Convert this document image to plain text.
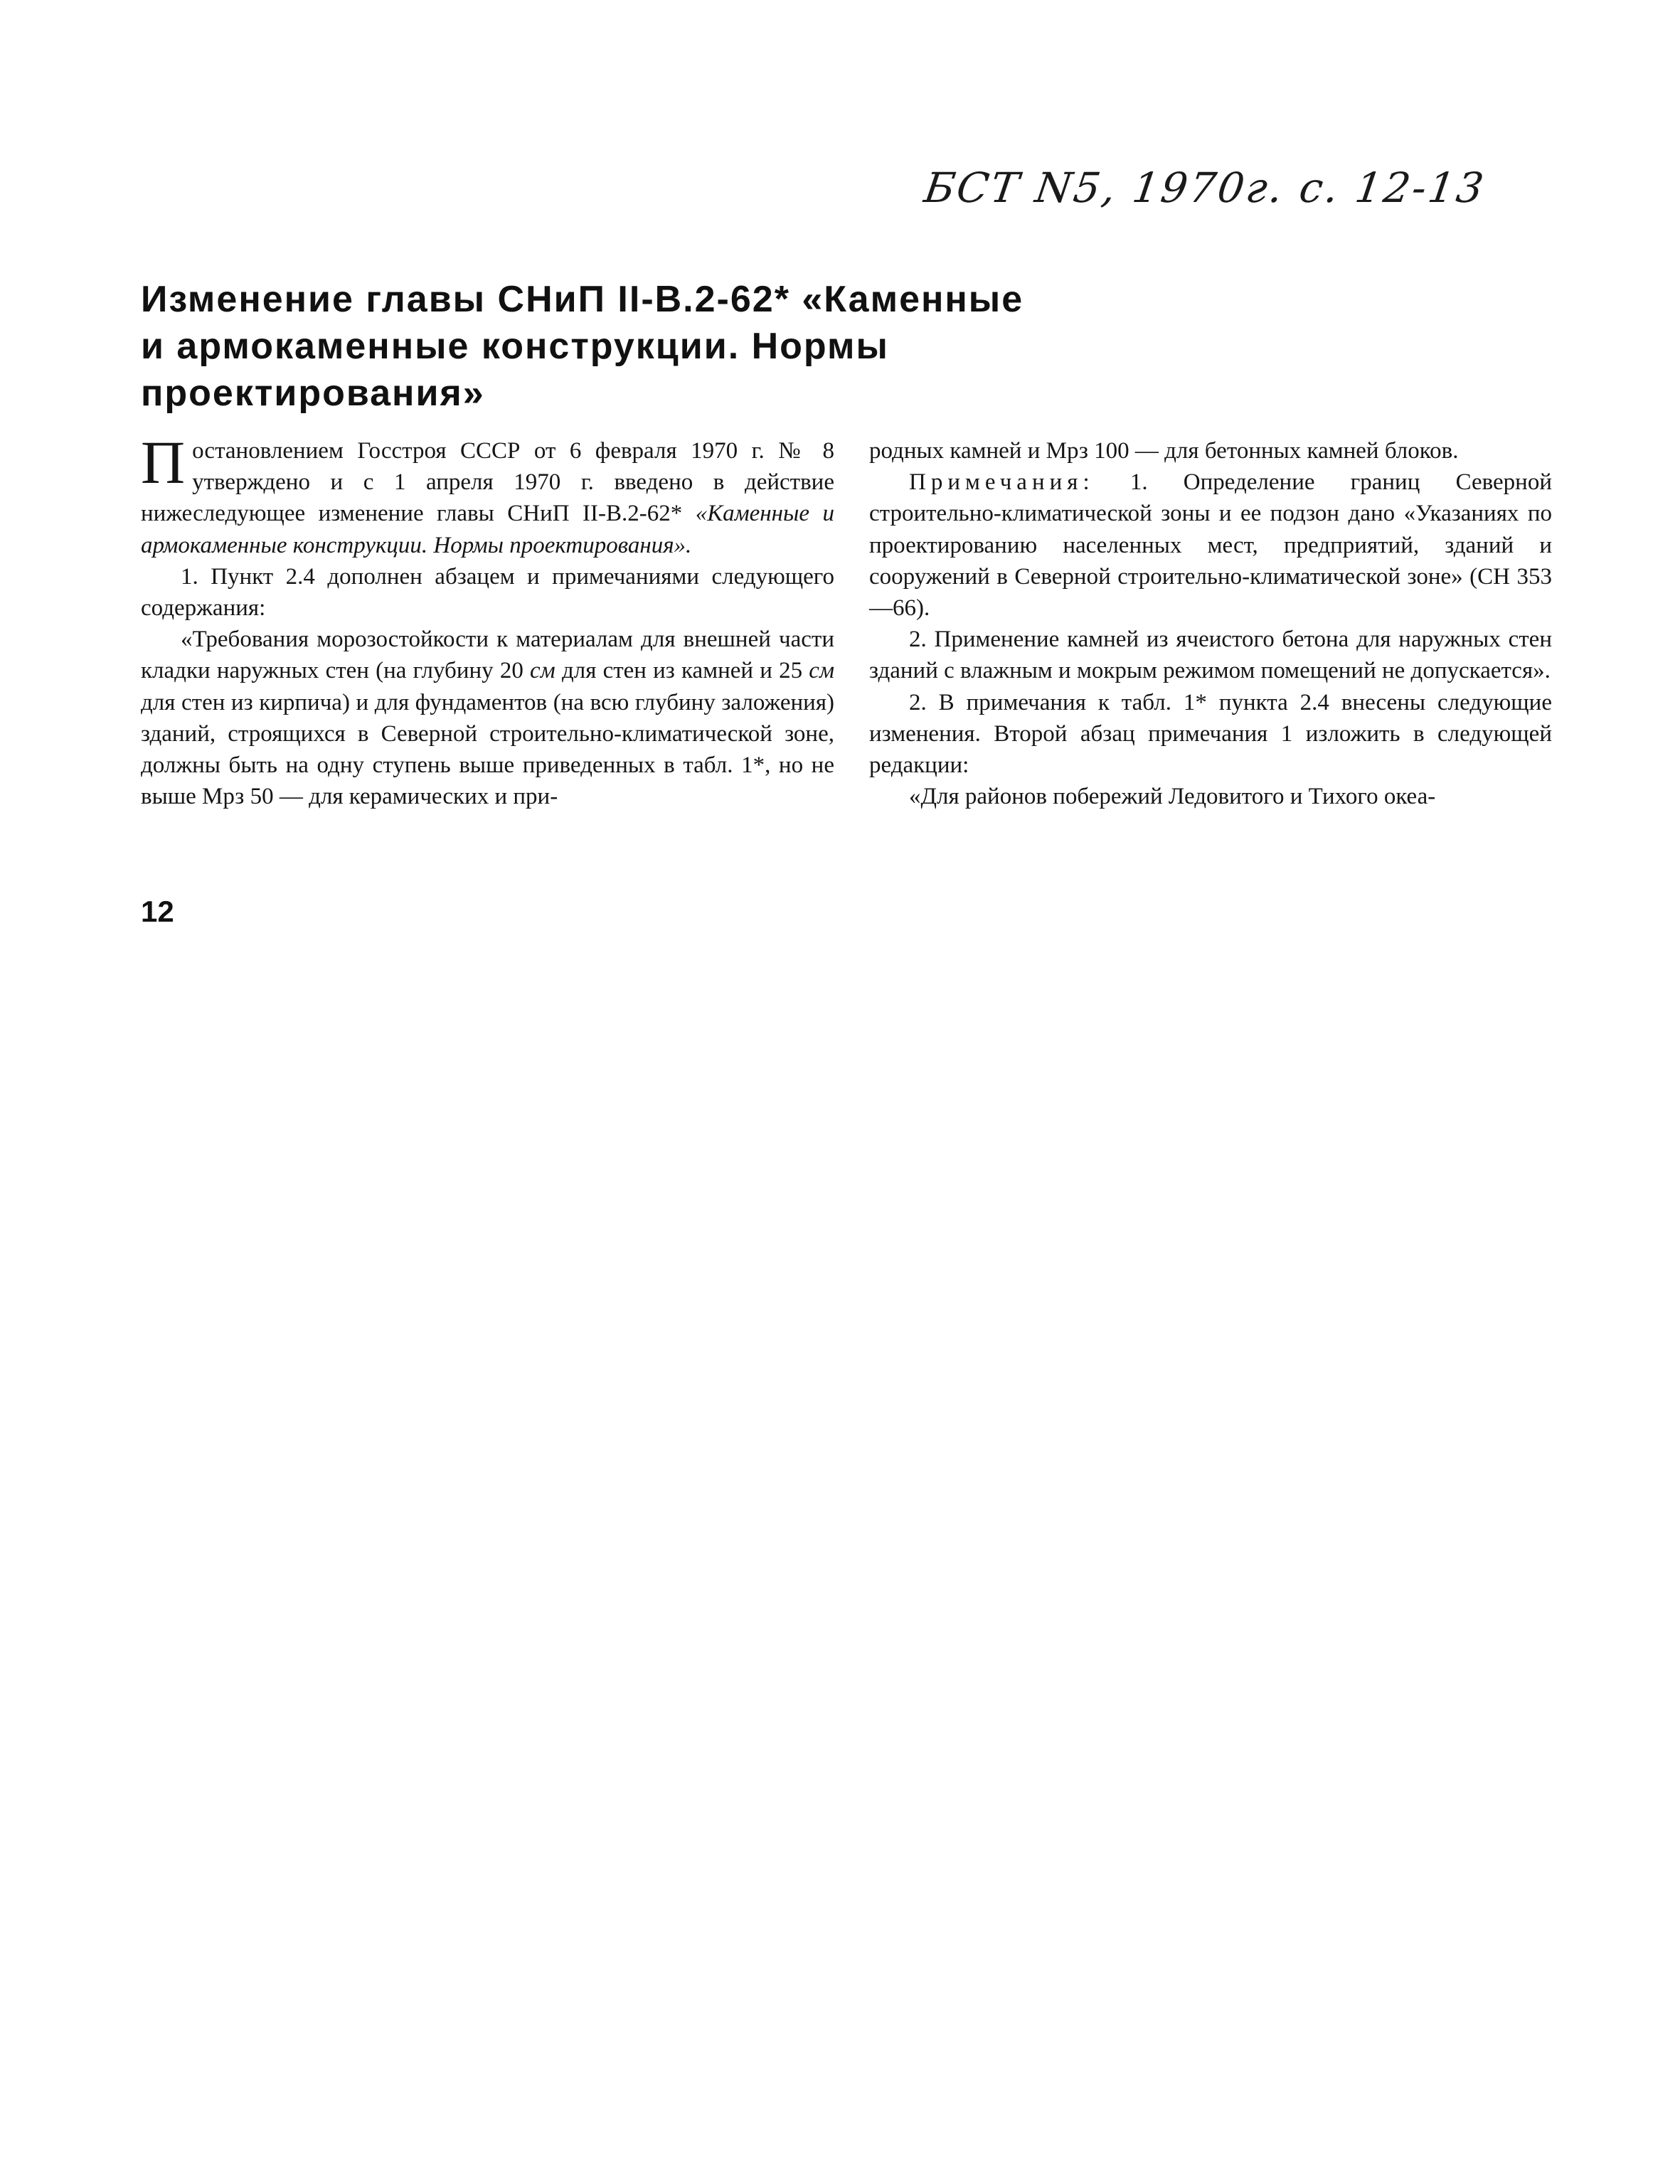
БСТ N5, 1970г. с. 12-13
Изменение главы СНиП II-В.2-62* «Каменные
и армокаменные конструкции. Нормы проектирования»

Постановлением Госстроя СССР от 6 февраля 1970 г. № 8 утверждено и с 1 апреля 1970 г. введено в действие нижеследующее изменение главы СНиП II-В.2-62* «Каменные и армокаменные конструкции. Нормы проектирования».

1. Пункт 2.4 дополнен абзацем и примечаниями следующего содержания:

«Требования морозостойкости к материалам для внешней части кладки наружных стен (на глубину 20 см для стен из камней и 25 см для стен из кирпича) и для фундаментов (на всю глубину заложения) зданий, строящихся в Северной строительно-климатической зоне, должны быть на одну ступень выше приведенных в табл. 1*, но не выше Мрз 50 — для керамических и при-

родных камней и Мрз 100 — для бетонных камней блоков.

Примечания: 1. Определение границ Северной строительно-климатической зоны и ее подзон дано «Указаниях по проектированию населенных мест, предприятий, зданий и сооружений в Северной строительно-климатической зоне» (СН 353—66).

2. Применение камней из ячеистого бетона для наружных стен зданий с влажным и мокрым режимом помещений не допускается».

2. В примечания к табл. 1* пункта 2.4 внесены следующие изменения. Второй абзац примечания 1 изложить в следующей редакции:

«Для районов побережий Ледовитого и Тихого океа-

12
